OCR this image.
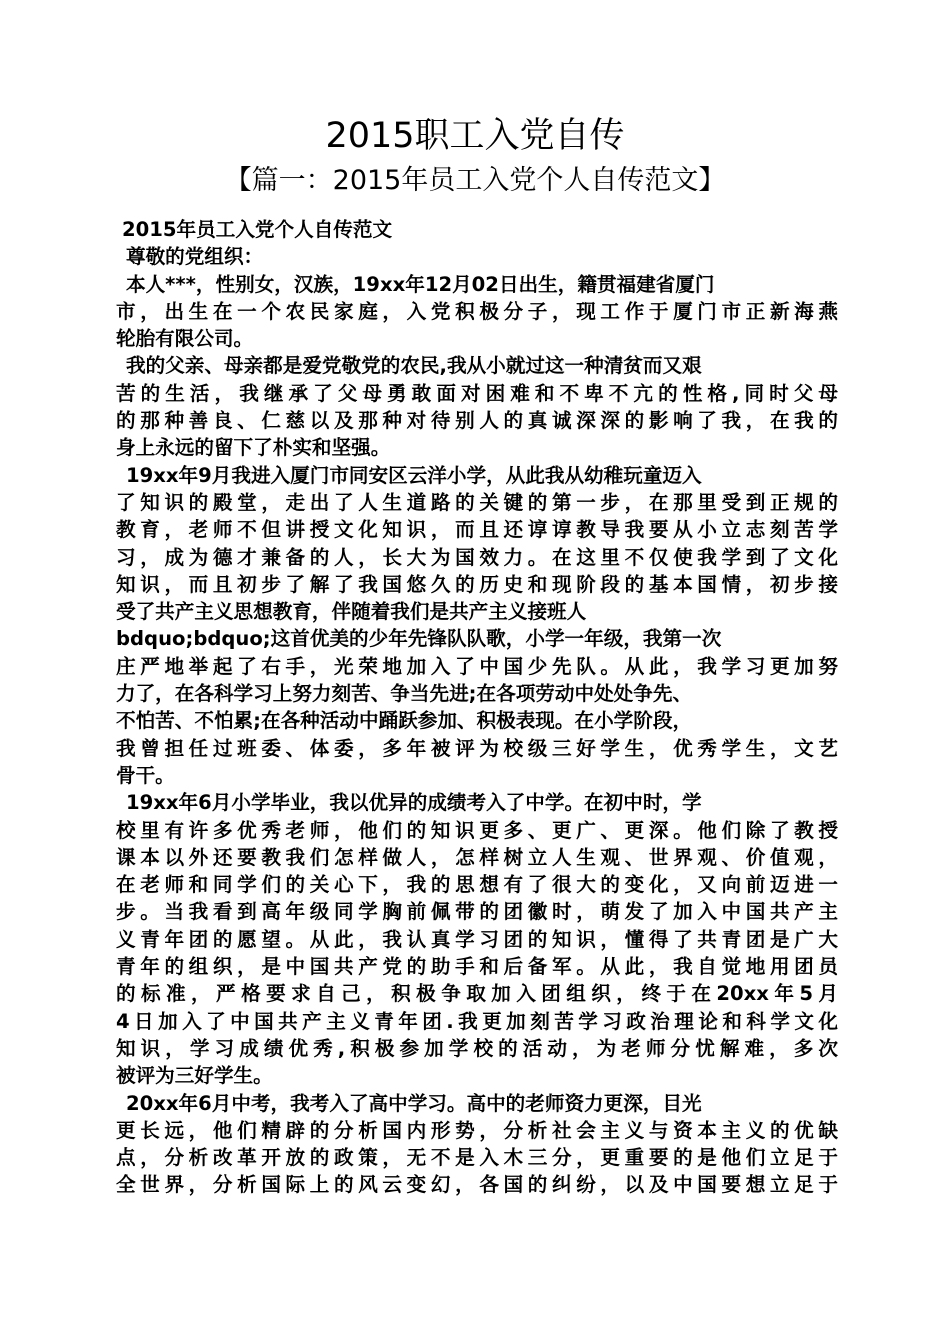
2015职工入党自传
【篇一：2015年员工入党个人自传范文】
2015年员工入党个人自传范文
尊敬的党组织：
本人***，性别女，汉族，19xx年12月02日出生，籍贯福建省厦门
市，出生在一个农民家庭，入党积极分子，现工作于厦门市正新海燕
轮胎有限公司。
我的父亲、母亲都是爱党敬党的农民,我从小就过这一种清贫而又艰
苦的生活，我继承了父母勇敢面对困难和不卑不亢的性格,同时父母
的那种善良、仁慈以及那种对待别人的真诚深深的影响了我，在我的
身上永远的留下了朴实和坚强。
19xx年9月我进入厦门市同安区云洋小学，从此我从幼稚玩童迈入
了知识的殿堂，走出了人生道路的关键的第一步，在那里受到正规的
教育，老师不但讲授文化知识，而且还谆谆教导我要从小立志刻苦学
习，成为德才兼备的人，长大为国效力。在这里不仅使我学到了文化
知识，而且初步了解了我国悠久的历史和现阶段的基本国情，初步接
受了共产主义思想教育，伴随着我们是共产主义接班人
bdquo;bdquo;这首优美的少年先锋队队歌，小学一年级，我第一次
庄严地举起了右手，光荣地加入了中国少先队。从此，我学习更加努
力了，在各科学习上努力刻苦、争当先进;在各项劳动中处处争先、
不怕苦、不怕累;在各种活动中踊跃参加、积极表现。在小学阶段，
我曾担任过班委、体委，多年被评为校级三好学生，优秀学生，文艺
骨干。
19xx年6月小学毕业，我以优异的成绩考入了中学。在初中时，学
校里有许多优秀老师，他们的知识更多、更广、更深。他们除了教授
课本以外还要教我们怎样做人，怎样树立人生观、世界观、价值观，
在老师和同学们的关心下，我的思想有了很大的变化，又向前迈进一
步。当我看到高年级同学胸前佩带的团徽时，萌发了加入中国共产主
义青年团的愿望。从此，我认真学习团的知识，懂得了共青团是广大
青年的组织，是中国共产党的助手和后备军。从此，我自觉地用团员
的标准，严格要求自己，积极争取加入团组织，终于在20xx年5月
4日加入了中国共产主义青年团.我更加刻苦学习政治理论和科学文化
知识，学习成绩优秀,积极参加学校的活动，为老师分忧解难，多次
被评为三好学生。
20xx年6月中考，我考入了高中学习。高中的老师资力更深，目光
更长远，他们精辟的分析国内形势，分析社会主义与资本主义的优缺
点，分析改革开放的政策，无不是入木三分，更重要的是他们立足于
全世界，分析国际上的风云变幻，各国的纠纷，以及中国要想立足于
